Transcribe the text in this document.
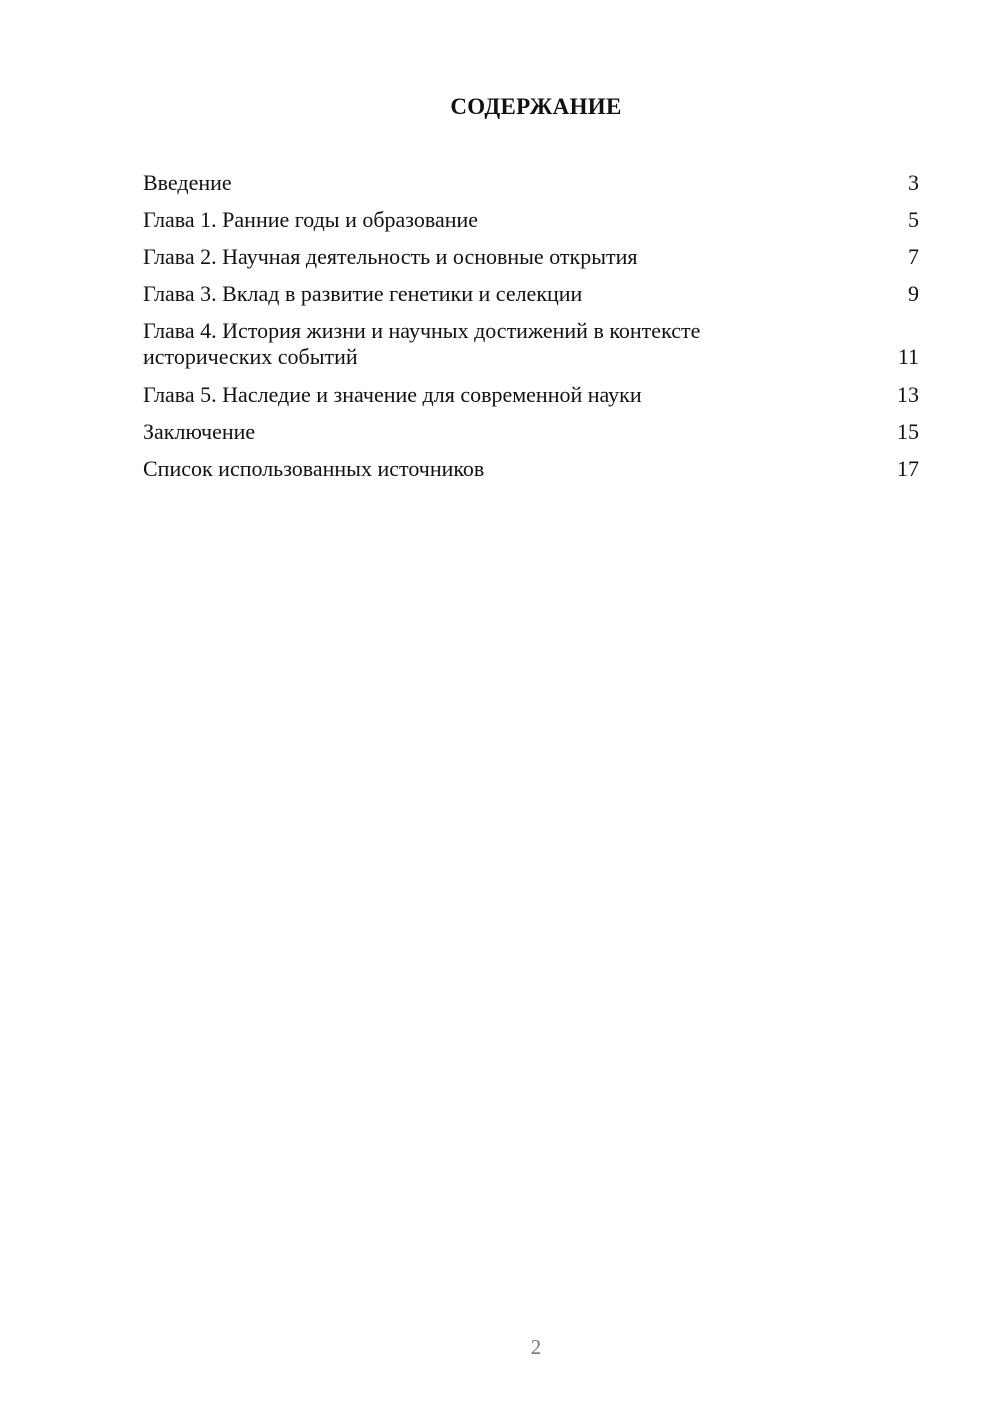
СОДЕРЖАНИЕ
Введение	3
Глава 1. Ранние годы и образование	5
Глава 2. Научная деятельность и основные открытия	7
Глава 3. Вклад в развитие генетики и селекции	9
Глава 4. История жизни и научных достижений в контексте исторических событий	11
Глава 5. Наследие и значение для современной науки	13
Заключение	15
Список использованных источников	17
2
